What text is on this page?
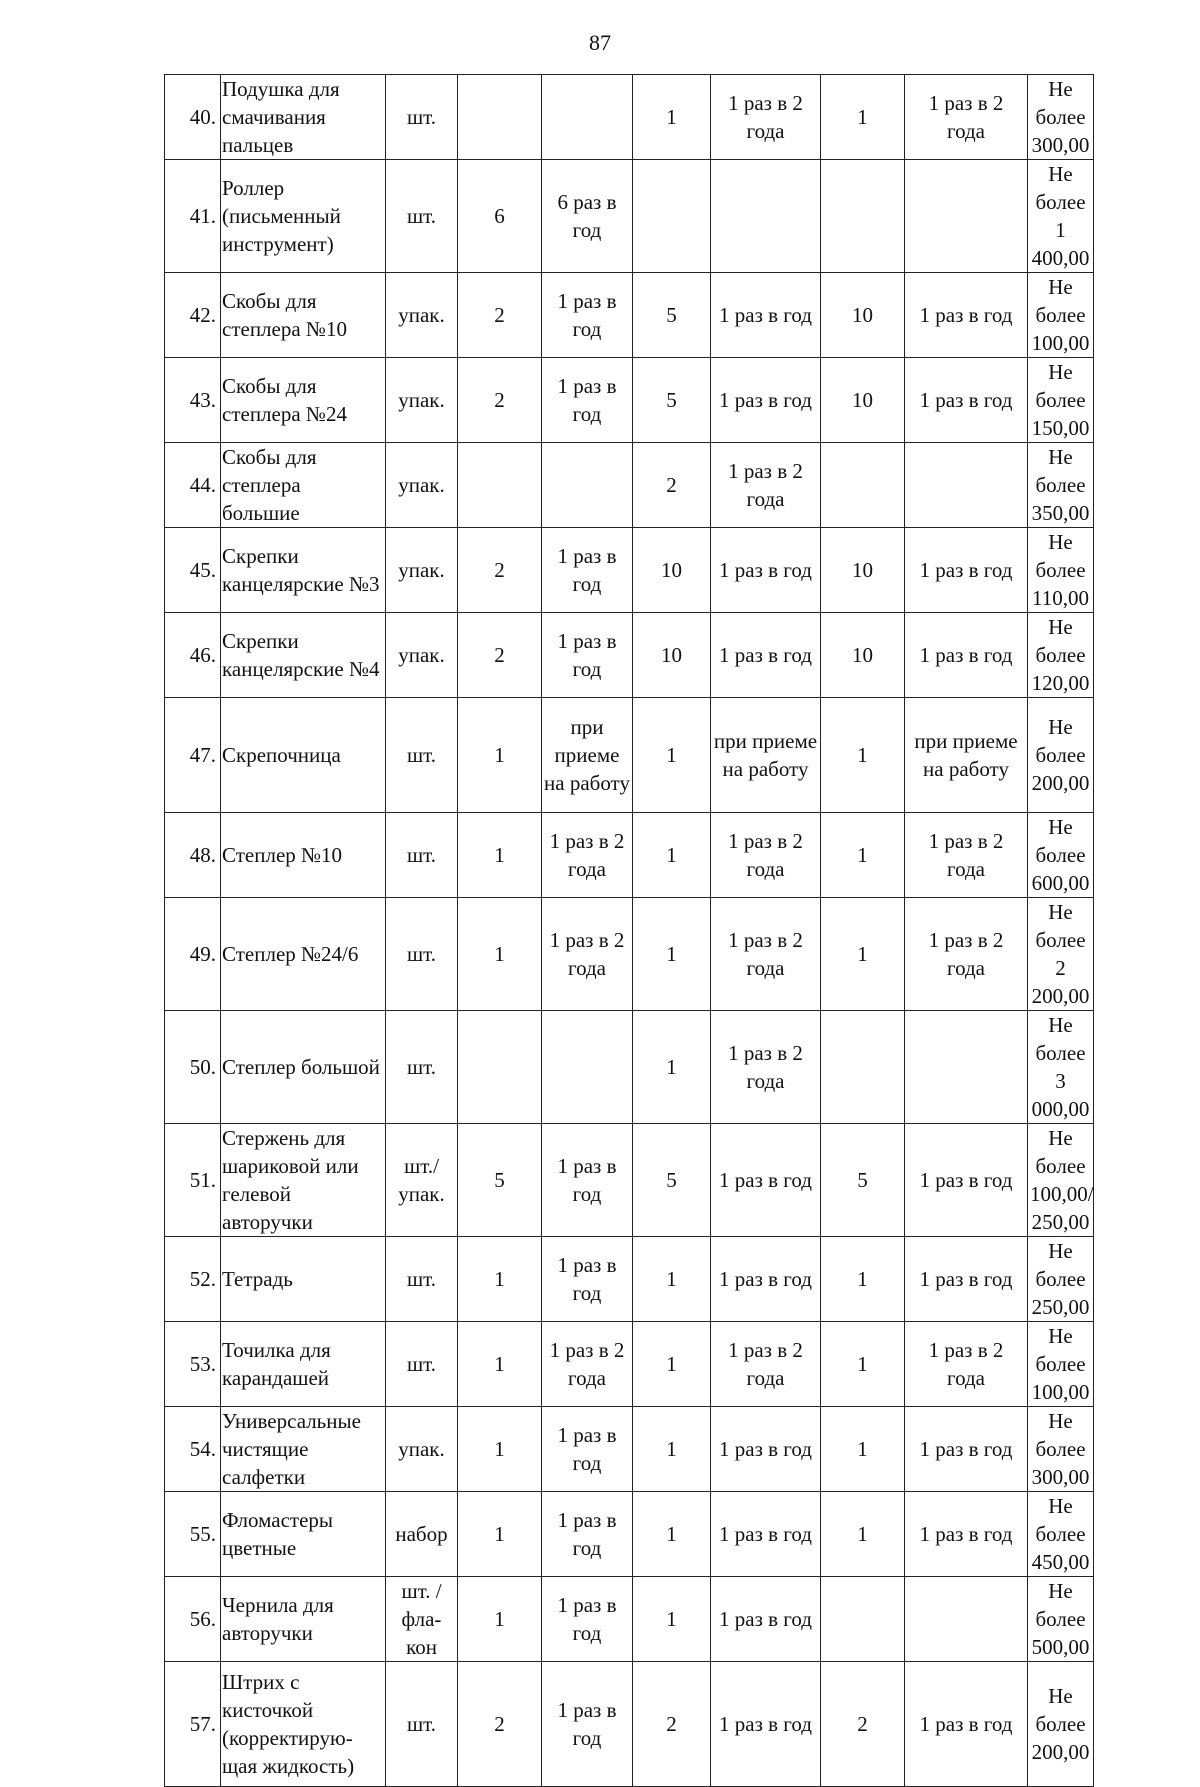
87
40.	Подушка для смачивания пальцев	шт.			1	1 раз в 2 года	1	1 раз в 2 года	Не более 300,00
41.	Роллер (письменный инструмент)	шт.	6	6 раз в год					Не более 1 400,00
42.	Скобы для степлера №10	упак.	2	1 раз в год	5	1 раз в год	10	1 раз в год	Не более 100,00
43.	Скобы для степлера №24	упак.	2	1 раз в год	5	1 раз в год	10	1 раз в год	Не более 150,00
44.	Скобы для степлера большие	упак.			2	1 раз в 2 года			Не более 350,00
45.	Скрепки канцелярские №3	упак.	2	1 раз в год	10	1 раз в год	10	1 раз в год	Не более 110,00
46.	Скрепки канцелярские №4	упак.	2	1 раз в год	10	1 раз в год	10	1 раз в год	Не более 120,00
47.	Скрепочница	шт.	1	при приеме на работу	1	при приеме на работу	1	при приеме на работу	Не более 200,00
48.	Степлер №10	шт.	1	1 раз в 2 года	1	1 раз в 2 года	1	1 раз в 2 года	Не более 600,00
49.	Степлер №24/6	шт.	1	1 раз в 2 года	1	1 раз в 2 года	1	1 раз в 2 года	Не более 2 200,00
50.	Степлер большой	шт.			1	1 раз в 2 года			Не более 3 000,00
51.	Стержень для шариковой или гелевой авторучки	шт./ упак.	5	1 раз в год	5	1 раз в год	5	1 раз в год	Не более 100,00/ 250,00
52.	Тетрадь	шт.	1	1 раз в год	1	1 раз в год	1	1 раз в год	Не более 250,00
53.	Точилка для карандашей	шт.	1	1 раз в 2 года	1	1 раз в 2 года	1	1 раз в 2 года	Не более 100,00
54.	Универсальные чистящие салфетки	упак.	1	1 раз в год	1	1 раз в год	1	1 раз в год	Не более 300,00
55.	Фломастеры цветные	набор	1	1 раз в год	1	1 раз в год	1	1 раз в год	Не более 450,00
56.	Чернила для авторучки	шт. / фла-кон	1	1 раз в год	1	1 раз в год			Не более 500,00
57.	Штрих с кисточкой (корректирую-щая жидкость)	шт.	2	1 раз в год	2	1 раз в год	2	1 раз в год	Не более 200,00
